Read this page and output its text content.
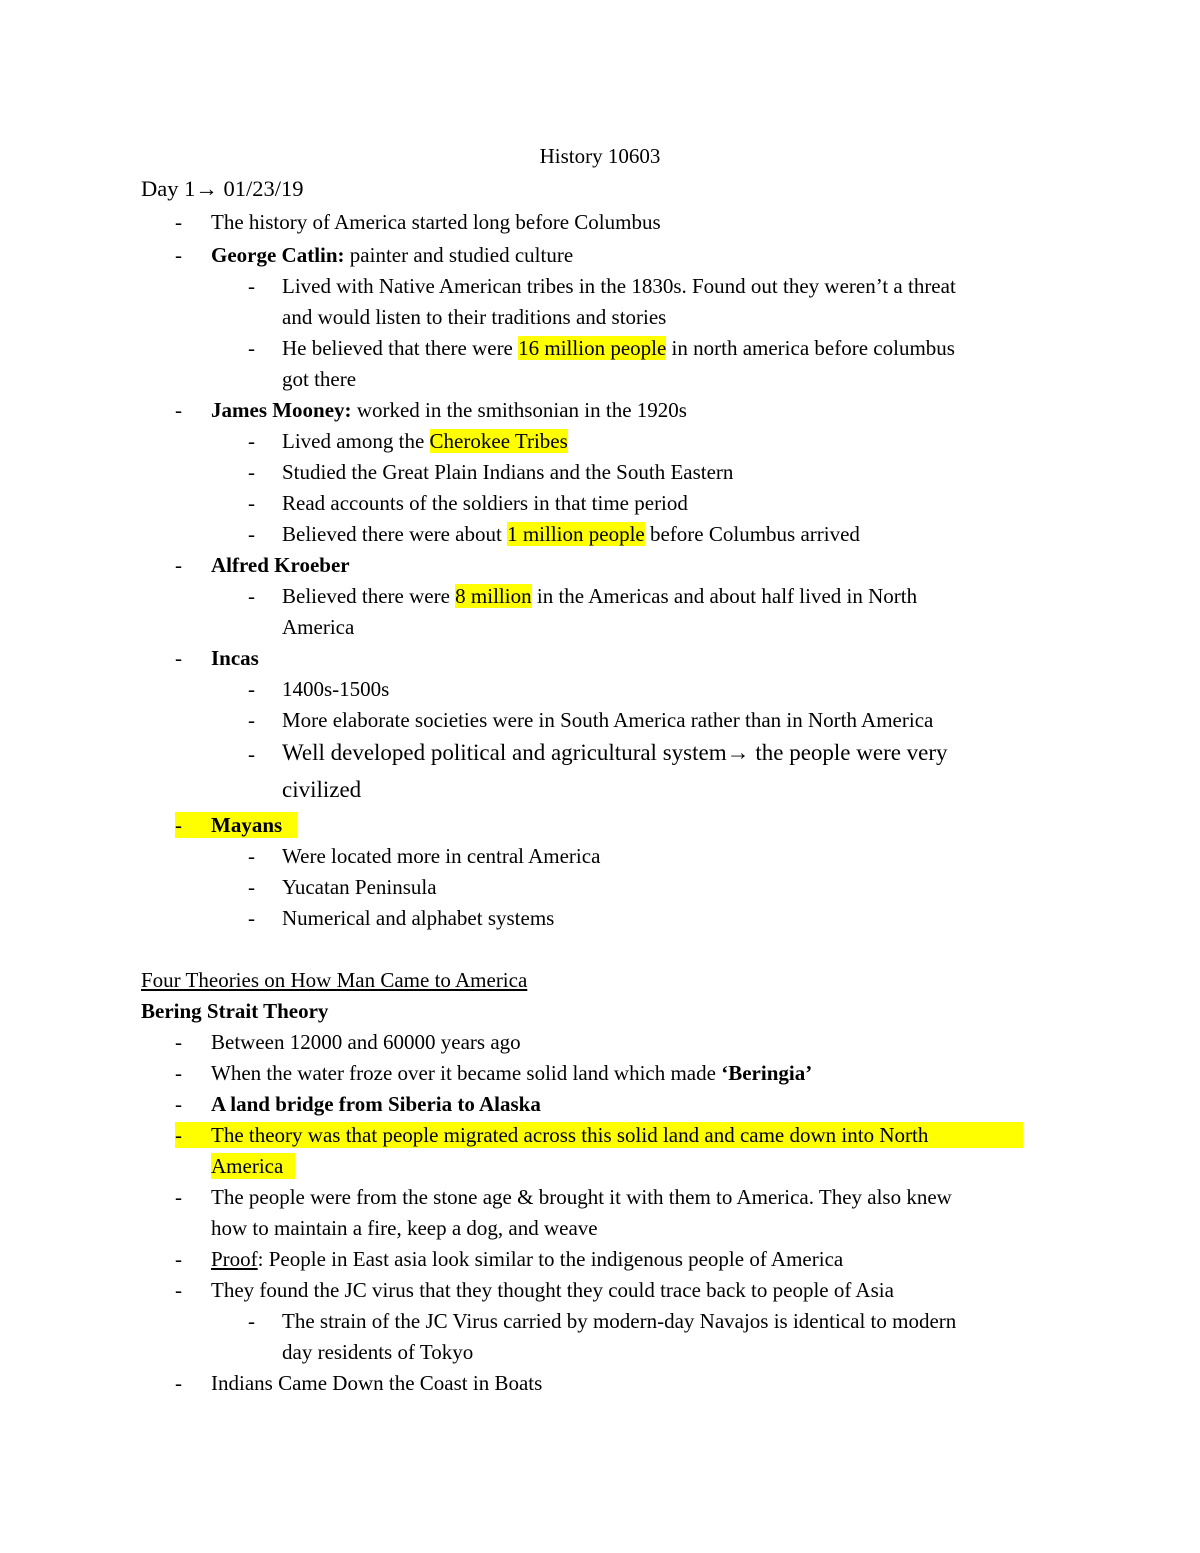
History 10603
Day 1→ 01/23/19
- The history of America started long before Columbus
- George Catlin: painter and studied culture
- Lived with Native American tribes in the 1830s. Found out they weren’t a threat
and would listen to their traditions and stories
- He believed that there were 16 million people in north america before columbus
got there
- James Mooney: worked in the smithsonian in the 1920s
- Lived among the Cherokee Tribes
- Studied the Great Plain Indians and the South Eastern
- Read accounts of the soldiers in that time period
- Believed there were about 1 million people before Columbus arrived
- Alfred Kroeber
- Believed there were 8 million in the Americas and about half lived in North
America
- Incas
- 1400s-1500s
- More elaborate societies were in South America rather than in North America
- Well developed political and agricultural system→ the people were very
civilized
- Mayans
- Were located more in central America
- Yucatan Peninsula
- Numerical and alphabet systems
Four Theories on How Man Came to America
Bering Strait Theory
- Between 12000 and 60000 years ago
- When the water froze over it became solid land which made ‘Beringia’
- A land bridge from Siberia to Alaska
- The theory was that people migrated across this solid land and came down into North
America
- The people were from the stone age & brought it with them to America. They also knew
how to maintain a fire, keep a dog, and weave
- Proof: People in East asia look similar to the indigenous people of America
- They found the JC virus that they thought they could trace back to people of Asia
- The strain of the JC Virus carried by modern-day Navajos is identical to modern
day residents of Tokyo
- Indians Came Down the Coast in Boats
